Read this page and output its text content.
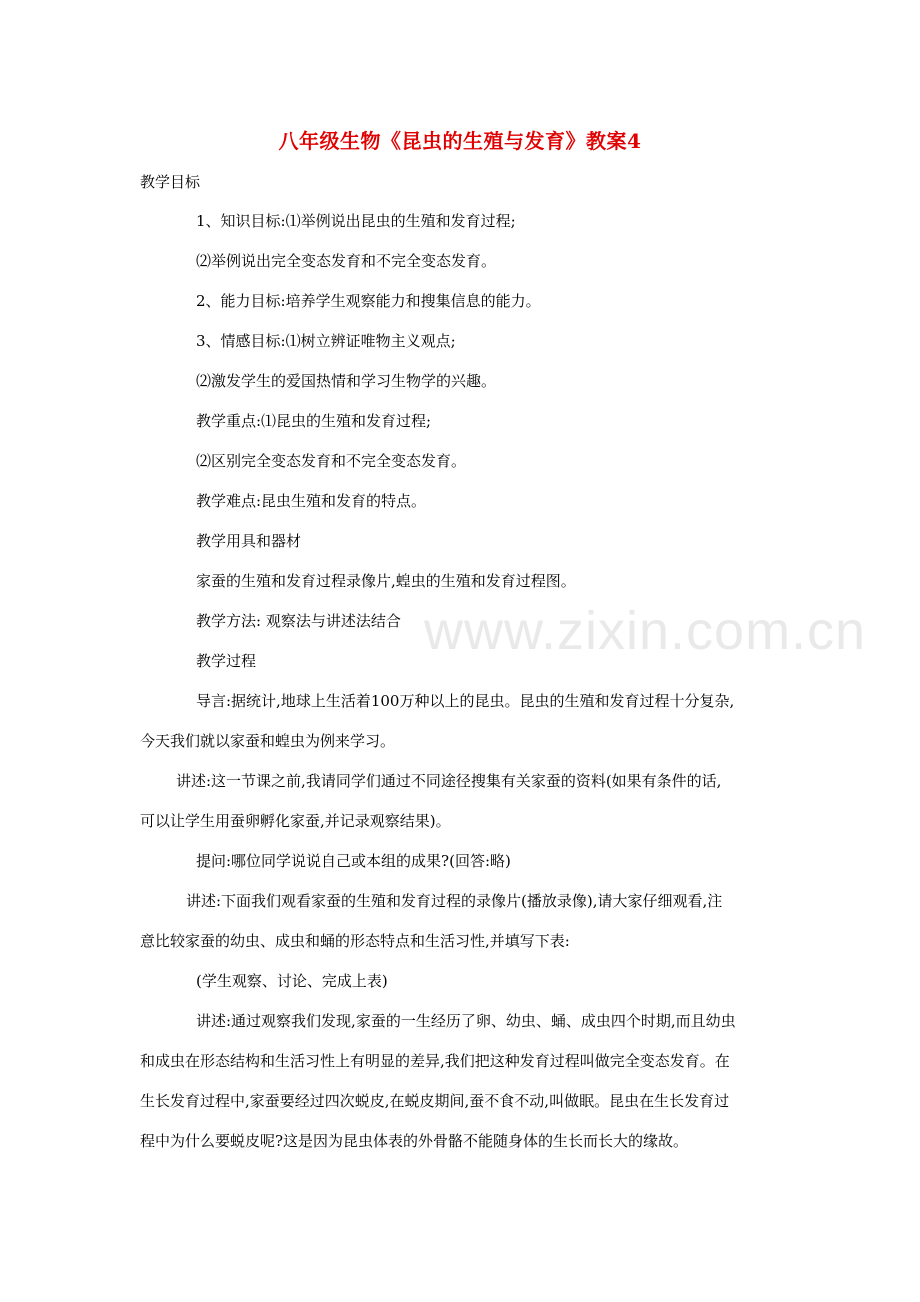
八年级生物《昆虫的生殖与发育》教案4
教学目标
1、知识目标:⑴举例说出昆虫的生殖和发育过程;
⑵举例说出完全变态发育和不完全变态发育。
2、能力目标:培养学生观察能力和搜集信息的能力。
3、情感目标:⑴树立辨证唯物主义观点;
⑵激发学生的爱国热情和学习生物学的兴趣。
教学重点:⑴昆虫的生殖和发育过程;
⑵区别完全变态发育和不完全变态发育。
教学难点:昆虫生殖和发育的特点。
教学用具和器材
家蚕的生殖和发育过程录像片,蝗虫的生殖和发育过程图。
教学方法: 观察法与讲述法结合
教学过程
导言:据统计,地球上生活着100万种以上的昆虫。昆虫的生殖和发育过程十分复杂,
今天我们就以家蚕和蝗虫为例来学习。
讲述:这一节课之前,我请同学们通过不同途径搜集有关家蚕的资料(如果有条件的话,
可以让学生用蚕卵孵化家蚕,并记录观察结果)。
提问:哪位同学说说自己或本组的成果?(回答:略)
讲述:下面我们观看家蚕的生殖和发育过程的录像片(播放录像),请大家仔细观看,注
意比较家蚕的幼虫、成虫和蛹的形态特点和生活习性,并填写下表:
(学生观察、讨论、完成上表)
讲述:通过观察我们发现,家蚕的一生经历了卵、幼虫、蛹、成虫四个时期,而且幼虫
和成虫在形态结构和生活习性上有明显的差异,我们把这种发育过程叫做完全变态发育。在
生长发育过程中,家蚕要经过四次蜕皮,在蜕皮期间,蚕不食不动,叫做眠。昆虫在生长发育过
程中为什么要蜕皮呢?这是因为昆虫体表的外骨骼不能随身体的生长而长大的缘故。
www.zixin.com.cn
